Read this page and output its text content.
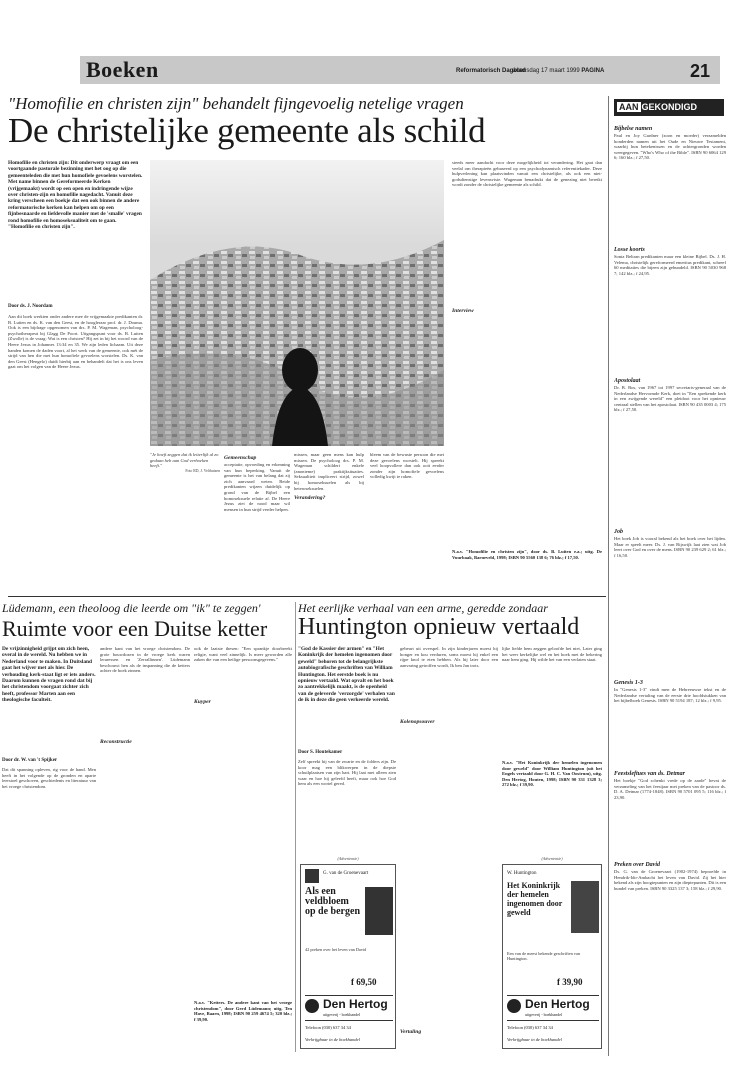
Boeken	Reformatorisch Dagblad
woensdag 17 maart 1999 PAGINA	21
"Homofilie en christen zijn" behandelt fijngevoelig netelige vragen
De christelijke gemeente als schild
Homofilie en christen zijn: Dit onderwerp vraagt om een voortgaande pastorale bezinning met het oog op die gemeenteleden die met hun homofiele gevoelens worstelen. Met name binnen de Gereformeerde Kerken (vrijgemaakt) wordt op een open en indringende wijze over christen-zijn en homofilie nagedacht. Vanuit deze kring verscheen een boekje dat een ook binnen de andere reformatorische kerken kan helpen om op een fijnbesnaarde en liefdevolle manier met de 'smalle' vragen rond homofilie en homoseksualiteit om te gaan. "Homofilie en christen zijn".
Door ds. J. Noordam
Aan dit boek werkten onder andere mee de vrijgemaakte predikanten dr. B. Luiten en ds. K. van den Geest, en de hoogleraar prof. dr. J. Douma. Ook is een bijdrage opgenomen van drs. P. M. Wageman, psycholoog-psychotherapeut bij Glagg De Poort. Uitgangspunt voor ds. B. Luiten (Zwolle) is de vraag: Wat is een christen? Hij zet in bij het woord van de Heere Jezus in Johannes 13:34 en 35. We zijn leden lichaam. Uit deze handen komen de daden voort, al het werk van de gemeente, ook mét de strijd van hen die met hun homofiele gevoelens worstelen. Ds. K. van den Geest (Hengelo) duidt hierbij aan en behandelt dat het is ons leven gaat om het volgen van de Heere Jezus.
"Je hoeft zeggen dat ik letterlijk al zo gedaan heb aan God verhoeken heeft."
Foto RD, J. Velthuizen
Gemeenschap
acceptatie, opvoeding en erkenning van hun beperking. Vanuit de gemeente is het van belang dat zij zich aanvaard weten. Beide predikanten wijzen duidelijk op grond van de Bijbel een homoseksuele relatie af. De Heere Jezus ziet de nood maar wil mensen in hun strijd verder helpen.
missen, maar geen mens kan hulp missen. De psycholoog drs. P. M. Wageman schildert enkele (anonieme) praktijksituaties. Seksualiteit impliceert strijd, zowel bij homoseksuelen als bij heteroseksuelen.
Verandering?
bleem van de bewuste persoon die met deze gevoelens worstelt. Hij spreekt veel hoopvollere dan ook ooit eerder zonder zijn homofiele gevoelens volledig kwijt te raken.
steeds meer aandacht voor deze mogelijkheid tot verandering. Het gaat dan veelal om therapieën gebaseerd op een psychodynamisch referentiekader. Deze hulpverlening kan plaatsvinden vanuit een christelijke, als ook een niet-godsdienstige levensvisie. Wageman benadrukt dat de genezing niet bereikt wordt zonder de christelijke gemeente als schild.
Interview
N.a.v. "Homofilie en christen zijn", door ds. B. Luiten e.a.; uitg. De Vuurbaak, Barneveld, 1998; ISBN 90 5560 138 6; 76 blz.; f 17,50.
AAN GEKONDIGD
Bijbelse namen
Paul en Joy Gardner (zoon en moeder) verzamelden honderden namen uit het Oude en Nieuwe Testament, waarbij hun betekenissen en de achtergronden worden weergegeven. "Who's Who of the Bible". ISBN 90 6064 129 6; 160 blz.; f 27,50.
Losse koorts
Sonia Beltran predikanten maar een kleine Bijbel. Ds. J. H. Velema, christelijk gereformeerd emeritus predikant, schreef 60 meditaties die bijeen zijn gebundeld. ISBN 90 5030 968 7; 142 blz.; f 24,95.
Apostolaat
Dr. B. Bos, van 1967 tot 1997 secretaris-generaal van de Nederlandse Hervormde Kerk, doet in "Een sprekende kerk in een zwijgende wereld" een pleidooi voor het opnieuw centraal stellen van het apostolaat. ISBN 90 435 0003 4; 175 blz.; f 27,50.
Job
Het boek Job is vooral bekend als het boek over het lijden. Maar er speelt meer. Ds. J. van Rijswijk laat zien wat Job leert over God en over de mens. ISBN 90 239 629 2; 61 blz.; f 16,50.
Genesis 1-3
In "Genesis 1-3" vindt men de Hebreeuwse tekst en de Nederlandse vertaling van de eerste drie hoofdstukken van het bijbelboek Genesis. ISBN 90 5194 187; 12 blz.; f 9,95.
Feestsleftues van ds. Detmar
Het boekje "God schenkt vrede op de aarde" bevat de verzameling van het feestjaar met preken van de pastoor ds. D. A. Detmar (1774-1848). ISBN 90 5701 095 5; 116 blz.; f 23,90.
Preken over David
Ds. G. van de Groenevaart (1902-1974) beproefde in Hendrik-Ido-Ambacht het leven van David. Zij het hier bekend als zijn hoogtepunten en zijn dieptepunten. Dit is een bundel van preken. ISBN 90 3325 137 3; 158 blz.; f 29,90.
Lüdemann, een theoloog die leerde om "ik" te zeggen'
Ruimte voor een Duitse ketter
De vrijzinnigheid grijpt om zich heen, overal in de wereld. Nu hebben we in Nederland voor te maken. In Duitsland gaat het wijver met als hier. De verhouding kerk-staat ligt er iets anders. Daarom kunnen de vragen rond dat bij het christendom voorgaat zichter zich heeft, professor Marten aan een theologische faculteit.
Door dr. W. van 't Spijker
Dat dit spanning opleven, rig voor de hand. Men heeft in het volgende op de gronden en aparte leerstoel geschoven, geschiedenis en literatuur van het vroege christendom.
andere kant van het vroege christendom. De grote bouwdozen in de vroege kerk waren leraressen en 'Zerrallinnen'. Lüdemann beschouwt hen als de inspanning die de ketters achter de boek zinnen.
Reconstructie
ook de laatste thesen: "Een sprankje doorbreekt religie, want veel zinnelijk. Is meer geworden alle zaken die van een heilige persoonsgegevens."
Kuyper
N.a.v. "Ketters. De andere kant van het vroege christendom", door Gerd Lüdemann; uitg. Ten Have, Baarn, 1998; ISBN 90 259 4674 5; 320 blz.; f 39,90.
Het eerlijke verhaal van een arme, geredde zondaar
Huntington opnieuw vertaald
"God de Kassier der armen" en "Het Koninkrijk der hemelen ingenomen door geweld" behoren tot de belangrijkste autobiografische geschriften van William Huntington. Het eerstde boek is nu opnieuw vertaald. Wat opvalt en het boek zo aantrekkelijk maakt, is de openheid van de geleverde 'verzorgde' verhalen van de ik in deze die geen verkeerde wereld.
Door S. Houtekamer
Zelf spreekt hij van de zwarte en de folders zijn. De koor mag een blikwerpen in de diepste schuilplaatsen van zijn hart. Hij laat met alleen zien waar en hoe hij geleefd heeft, maar ook hoe God hem als een wortel gered.
gebeurt uit overspel. In zijn kinderjaren moest hij honger en kou verduren, soms moest hij enkel een rijpe knol te eten hebben. Als hij later door een aanvaring getroffen wordt, Ik ben Jan trots.
Kolenopsouver
Vertaling
lijke liefde hem zeggen geloofde het niet, Later ging het weer kerkelijke wel en het boek met de bekering naar hem ging. Hij wilde het van een verlaten staat.
N.a.v. "Het Koninkrijk der hemelen ingenomen door geweld" door William Huntington (uit het Engels vertaald door G. H. C. Van Oostrum), uitg. Den Hertog, Houten, 1998; ISBN 90 331 1328 3; 272 blz.; f 39,90.
(Advertentie)
G. van de Groenevaart
Als een veldbloem op de bergen
42 preken over het leven van David
f 69,50
Den Hertog
uitgeverij - boekhandel
Telefoon (030) 637 34 34
Verkrijgbaar in de boekhandel
(Advertentie)
W. Huntington
Het Koninkrijk der hemelen ingenomen door geweld
Een van de meest bekende geschriften van Huntington.
f 39,90
Den Hertog
uitgeverij - boekhandel
Telefoon (030) 637 34 34
Verkrijgbaar in de boekhandel
